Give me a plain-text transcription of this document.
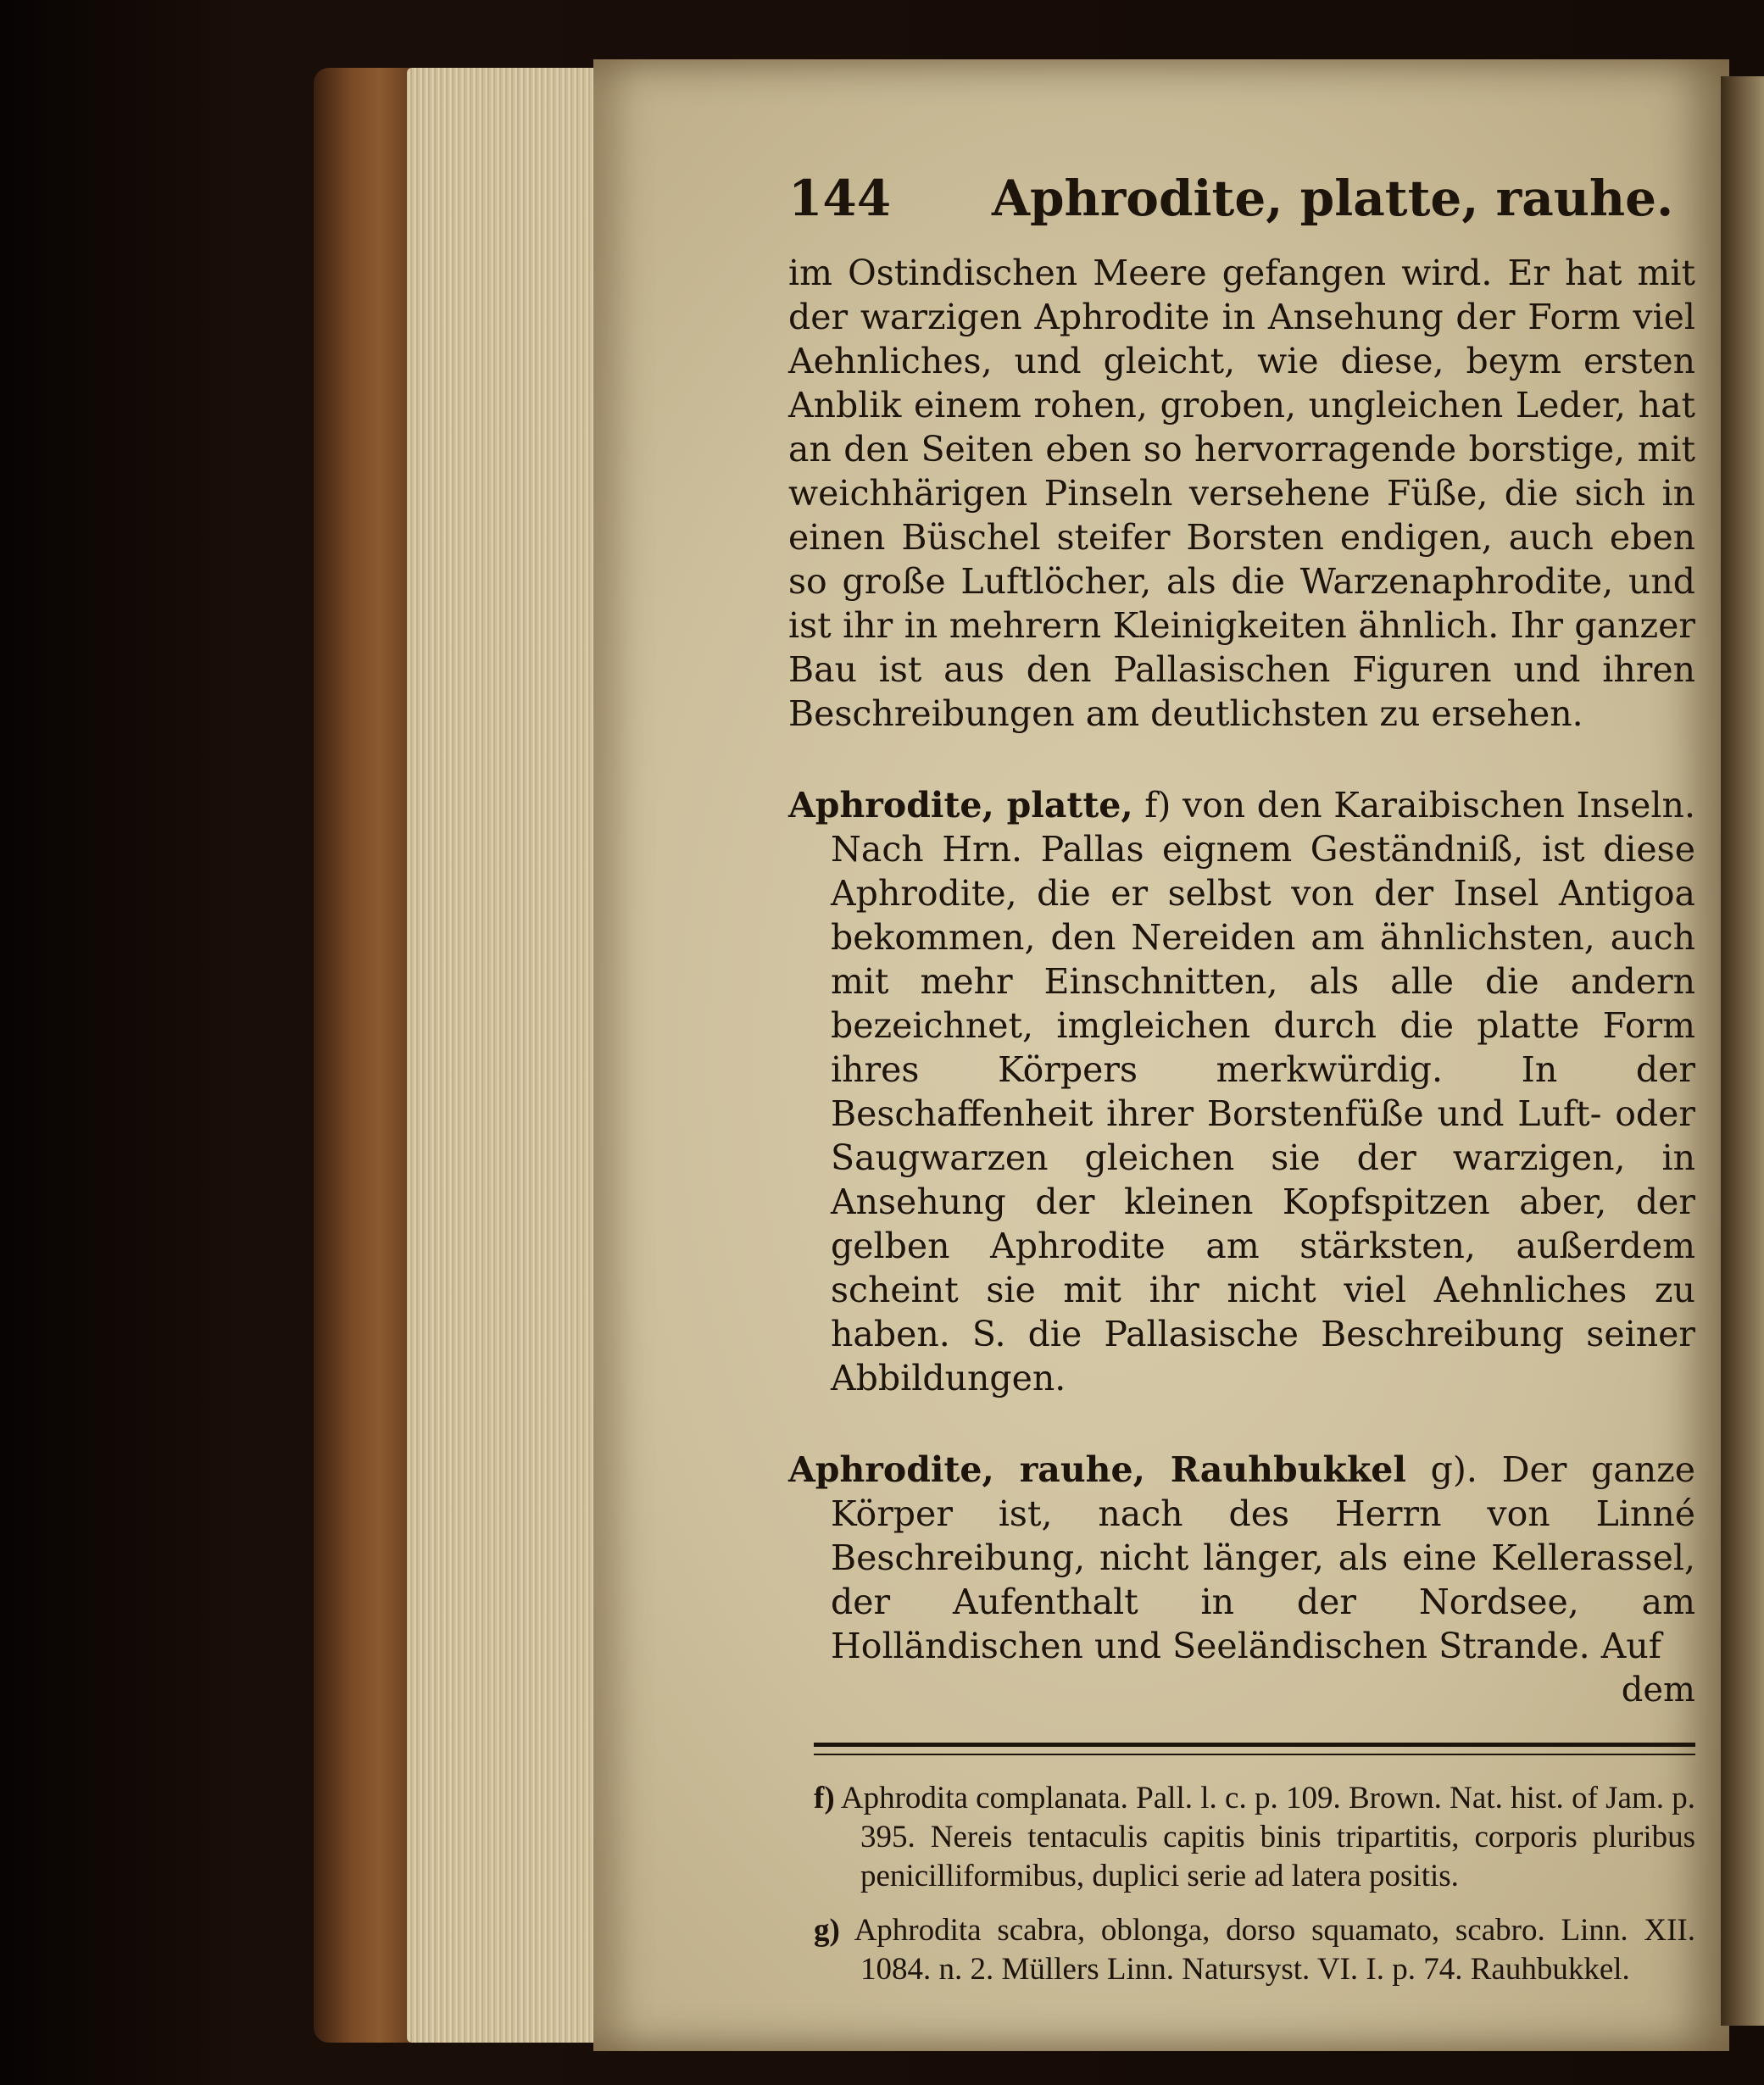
144	Aphrodite, platte, rauhe.

im Ostindischen Meere gefangen wird. Er hat mit der warzigen Aphrodite in Ansehung der Form viel Aehnliches, und gleicht, wie diese, beym ersten Anblik einem rohen, groben, ungleichen Leder, hat an den Seiten eben so hervorragende borstige, mit weichhärigen Pinseln versehene Füße, die sich in einen Büschel steifer Borsten endigen, auch eben so große Luftlöcher, als die Warzenaphrodite, und ist ihr in mehrern Kleinigkeiten ähnlich. Ihr ganzer Bau ist aus den Pallasischen Figuren und ihren Beschreibungen am deutlichsten zu ersehen.

Aphrodite, platte, f) von den Karaibischen Inseln. Nach Hrn. Pallas eignem Geständniß, ist diese Aphrodite, die er selbst von der Insel Antigoa bekommen, den Nereiden am ähnlichsten, auch mit mehr Einschnitten, als alle die andern bezeichnet, imgleichen durch die platte Form ihres Körpers merkwürdig. In der Beschaffenheit ihrer Borstenfüße und Luft- oder Saugwarzen gleichen sie der warzigen, in Ansehung der kleinen Kopfspitzen aber, der gelben Aphrodite am stärksten, außerdem scheint sie mit ihr nicht viel Aehnliches zu haben. S. die Pallasische Beschreibung seiner Abbildungen.

Aphrodite, rauhe, Rauhbukkel g). Der ganze Körper ist, nach des Herrn von Linné Beschreibung, nicht länger, als eine Kellerassel, der Aufenthalt in der Nordsee, am Holländischen und Seeländischen Strande. Auf

dem

f) Aphrodita complanata. Pall. l. c. p. 109. Brown. Nat. hist. of Jam. p. 395. Nereis tentaculis capitis binis tripartitis, corporis pluribus penicilliformibus, duplici serie ad latera positis.

g) Aphrodita scabra, oblonga, dorso squamato, scabro. Linn. XII. 1084. n. 2. Müllers Linn. Natursyst. VI. I. p. 74. Rauhbukkel.
